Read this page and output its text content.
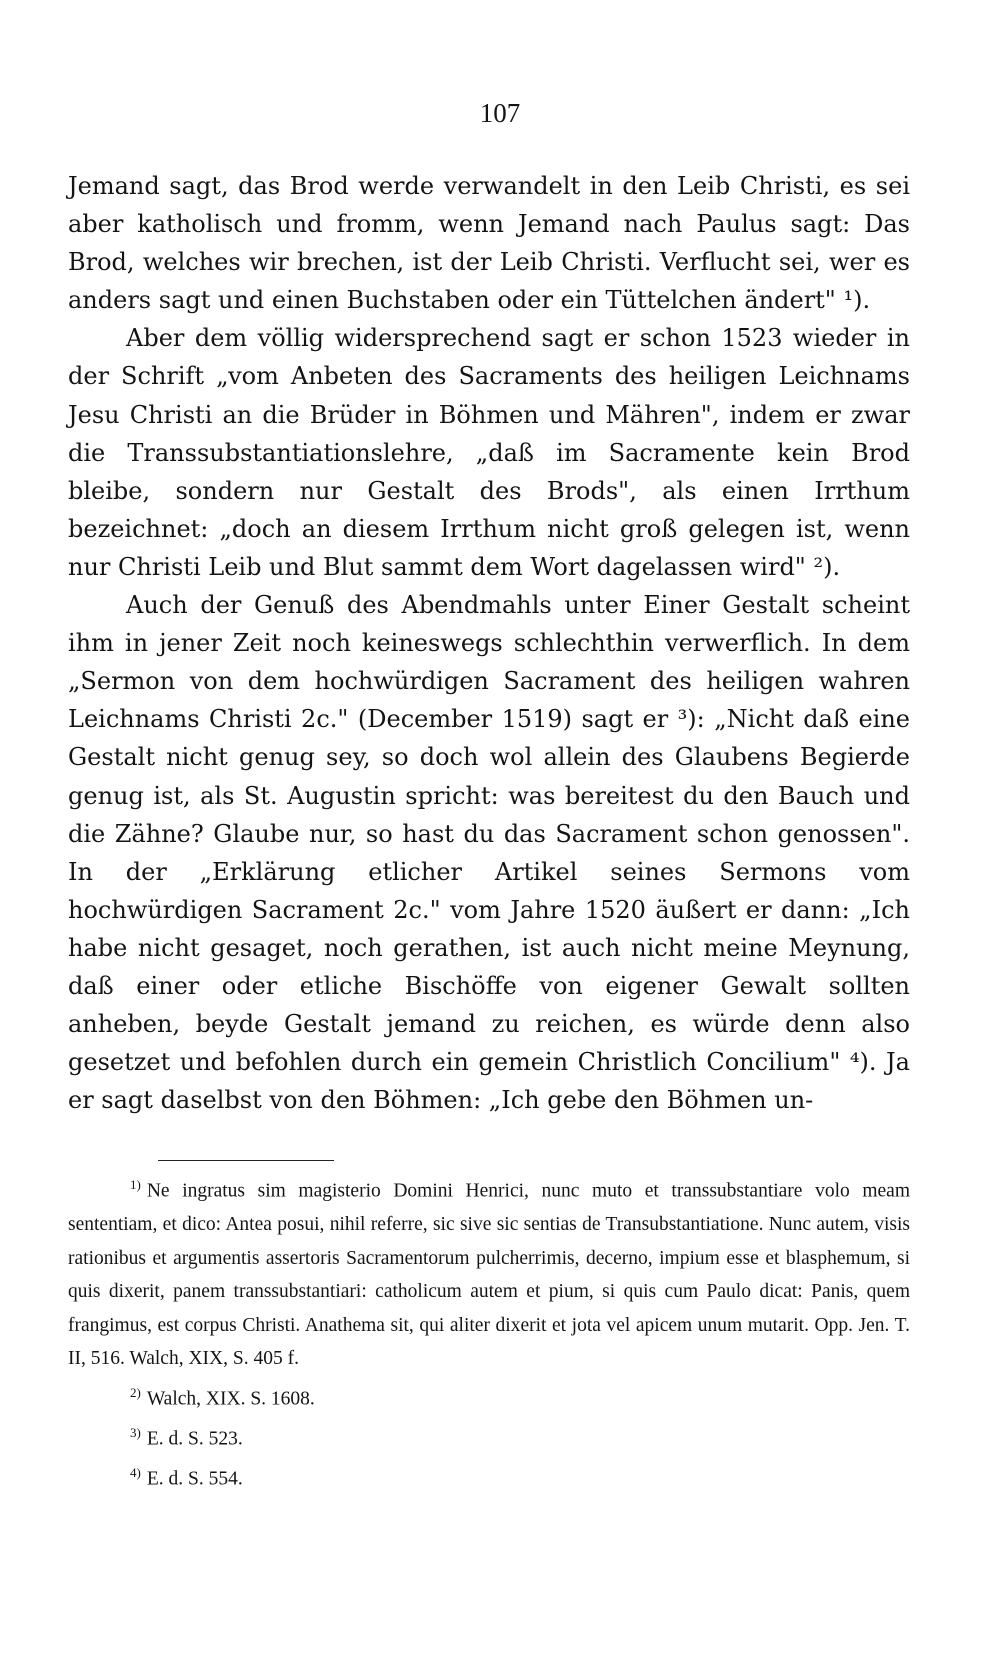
107

Jemand sagt, das Brod werde verwandelt in den Leib Christi, es sei aber katholisch und fromm, wenn Jemand nach Paulus sagt: Das Brod, welches wir brechen, ist der Leib Christi. Verflucht sei, wer es anders sagt und einen Buchstaben oder ein Tüttelchen ändert" ¹).

Aber dem völlig widersprechend sagt er schon 1523 wieder in der Schrift „vom Anbeten des Sacraments des heiligen Leichnams Jesu Christi an die Brüder in Böhmen und Mähren", indem er zwar die Transsubstantiationslehre, „daß im Sacramente kein Brod bleibe, sondern nur Gestalt des Brods", als einen Irrthum bezeichnet: „doch an diesem Irrthum nicht groß gelegen ist, wenn nur Christi Leib und Blut sammt dem Wort dagelassen wird" ²).

Auch der Genuß des Abendmahls unter Einer Gestalt scheint ihm in jener Zeit noch keineswegs schlechthin verwerflich. In dem „Sermon von dem hochwürdigen Sacrament des heiligen wahren Leichnams Christi 2c." (December 1519) sagt er ³): „Nicht daß eine Gestalt nicht genug sey, so doch wol allein des Glaubens Begierde genug ist, als St. Augustin spricht: was bereitest du den Bauch und die Zähne? Glaube nur, so hast du das Sacrament schon genossen". In der „Erklärung etlicher Artikel seines Sermons vom hochwürdigen Sacrament 2c." vom Jahre 1520 äußert er dann: „Ich habe nicht gesaget, noch gerathen, ist auch nicht meine Meynung, daß einer oder etliche Bischöffe von eigener Gewalt sollten anheben, beyde Gestalt jemand zu reichen, es würde denn also gesetzet und befohlen durch ein gemein Christlich Concilium" ⁴). Ja er sagt daselbst von den Böhmen: „Ich gebe den Böhmen un-

$^{1)}$ Ne ingratus sim magisterio Domini Henrici, nunc muto et transsubstantiare volo meam sententiam, et dico: Antea posui, nihil referre, sic sive sic sentias de Transubstantiatione. Nunc autem, visis rationibus et argumentis assertoris Sacramentorum pulcherrimis, decerno, impium esse et blasphemum, si quis dixerit, panem transsubstantiari: catholicum autem et pium, si quis cum Paulo dicat: Panis, quem frangimus, est corpus Christi. Anathema sit, qui aliter dixerit et jota vel apicem unum mutarit. Opp. Jen. T. II, 516. Walch, XIX, S. 405 f.
$^{2)}$ Walch, XIX. S. 1608.
$^{3)}$ E. d. S. 523.
$^{4)}$ E. d. S. 554.
